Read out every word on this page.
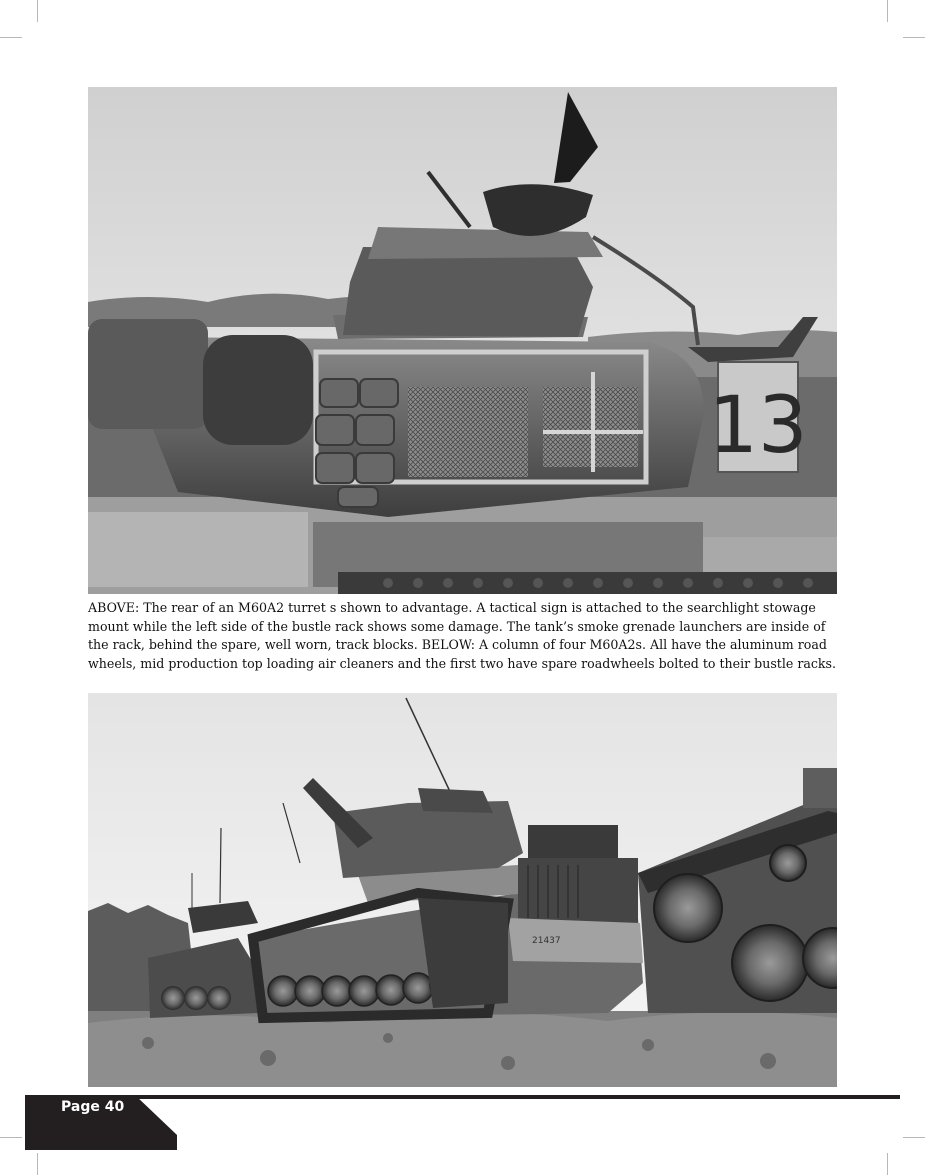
13
ABOVE: The rear of an M60A2 turret s shown to advantage. A tactical sign is attached to the searchlight stowage mount while the left side of the bustle rack shows some damage. The tank’s smoke grenade launchers are inside of the rack, behind the spare, well worn, track blocks. BELOW: A column of four M60A2s. All have the aluminum road wheels, mid production top loading air cleaners and the first two have spare roadwheels bolted to their bustle racks.
21437
Page 40
